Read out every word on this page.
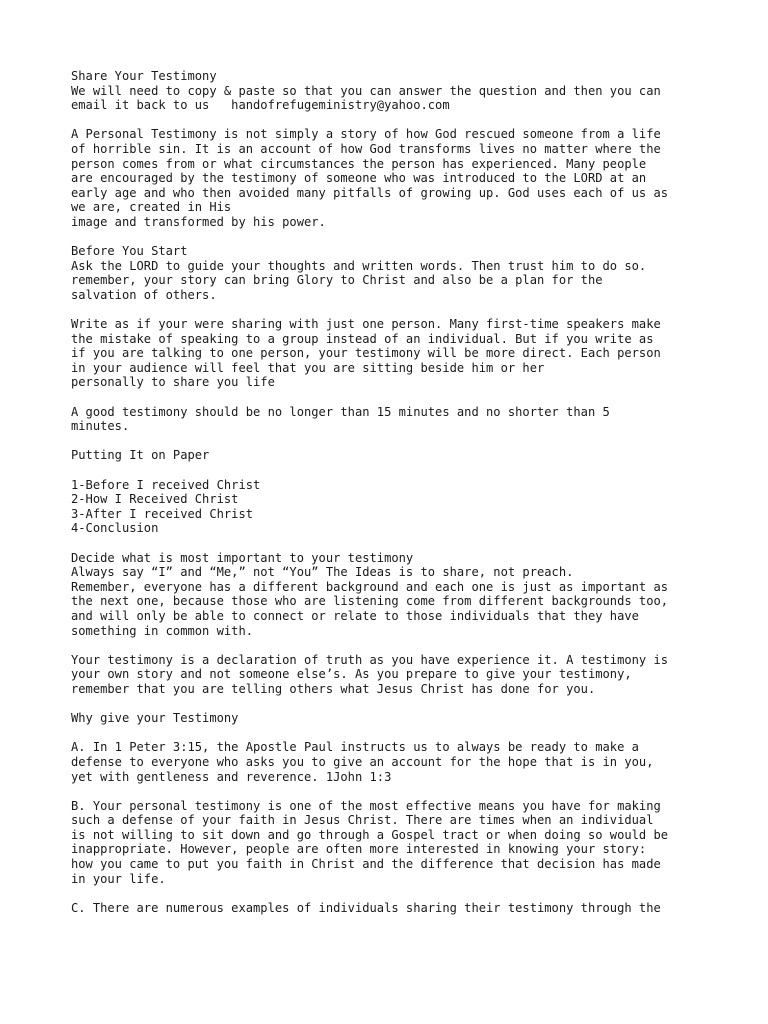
Share Your Testimony
We will need to copy & paste so that you can answer the question and then you can
email it back to us   handofrefugeministry@yahoo.com
A Personal Testimony is not simply a story of how God rescued someone from a life
of horrible sin. It is an account of how God transforms lives no matter where the
person comes from or what circumstances the person has experienced. Many people
are encouraged by the testimony of someone who was introduced to the LORD at an
early age and who then avoided many pitfalls of growing up. God uses each of us as
we are, created in His
image and transformed by his power.
Before You Start
Ask the LORD to guide your thoughts and written words. Then trust him to do so.
remember, your story can bring Glory to Christ and also be a plan for the
salvation of others.
Write as if your were sharing with just one person. Many first-time speakers make
the mistake of speaking to a group instead of an individual. But if you write as
if you are talking to one person, your testimony will be more direct. Each person
in your audience will feel that you are sitting beside him or her
personally to share you life
A good testimony should be no longer than 15 minutes and no shorter than 5
minutes.
Putting It on Paper
1-Before I received Christ
2-How I Received Christ
3-After I received Christ
4-Conclusion
Decide what is most important to your testimony
Always say “I” and “Me,” not “You” The Ideas is to share, not preach.
Remember, everyone has a different background and each one is just as important as
the next one, because those who are listening come from different backgrounds too,
and will only be able to connect or relate to those individuals that they have
something in common with.
Your testimony is a declaration of truth as you have experience it. A testimony is
your own story and not someone else’s. As you prepare to give your testimony,
remember that you are telling others what Jesus Christ has done for you.
Why give your Testimony
A. In 1 Peter 3:15, the Apostle Paul instructs us to always be ready to make a
defense to everyone who asks you to give an account for the hope that is in you,
yet with gentleness and reverence. 1John 1:3
B. Your personal testimony is one of the most effective means you have for making
such a defense of your faith in Jesus Christ. There are times when an individual
is not willing to sit down and go through a Gospel tract or when doing so would be
inappropriate. However, people are often more interested in knowing your story:
how you came to put you faith in Christ and the difference that decision has made
in your life.
C. There are numerous examples of individuals sharing their testimony through the
